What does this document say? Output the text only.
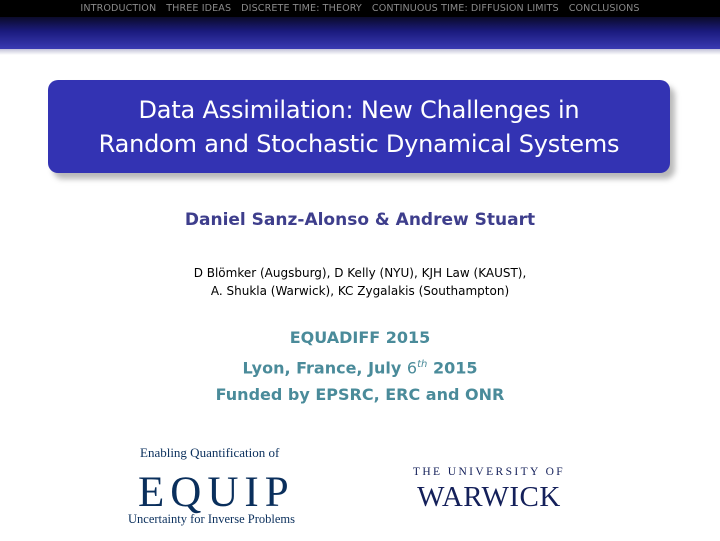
INTRODUCTION THREE IDEAS DISCRETE TIME: THEORY CONTINUOUS TIME: DIFFUSION LIMITS CONCLUSIONS
Data Assimilation: New Challenges in
Random and Stochastic Dynamical Systems
Daniel Sanz-Alonso & Andrew Stuart
D Blömker (Augsburg), D Kelly (NYU), KJH Law (KAUST),
A. Shukla (Warwick), KC Zygalakis (Southampton)
EQUADIFF 2015
Lyon, France, July 6th 2015
Funded by EPSRC, ERC and ONR
Enabling Quantification of
EQUIP
Uncertainty for Inverse Problems
THE UNIVERSITY OF
WARWICK
